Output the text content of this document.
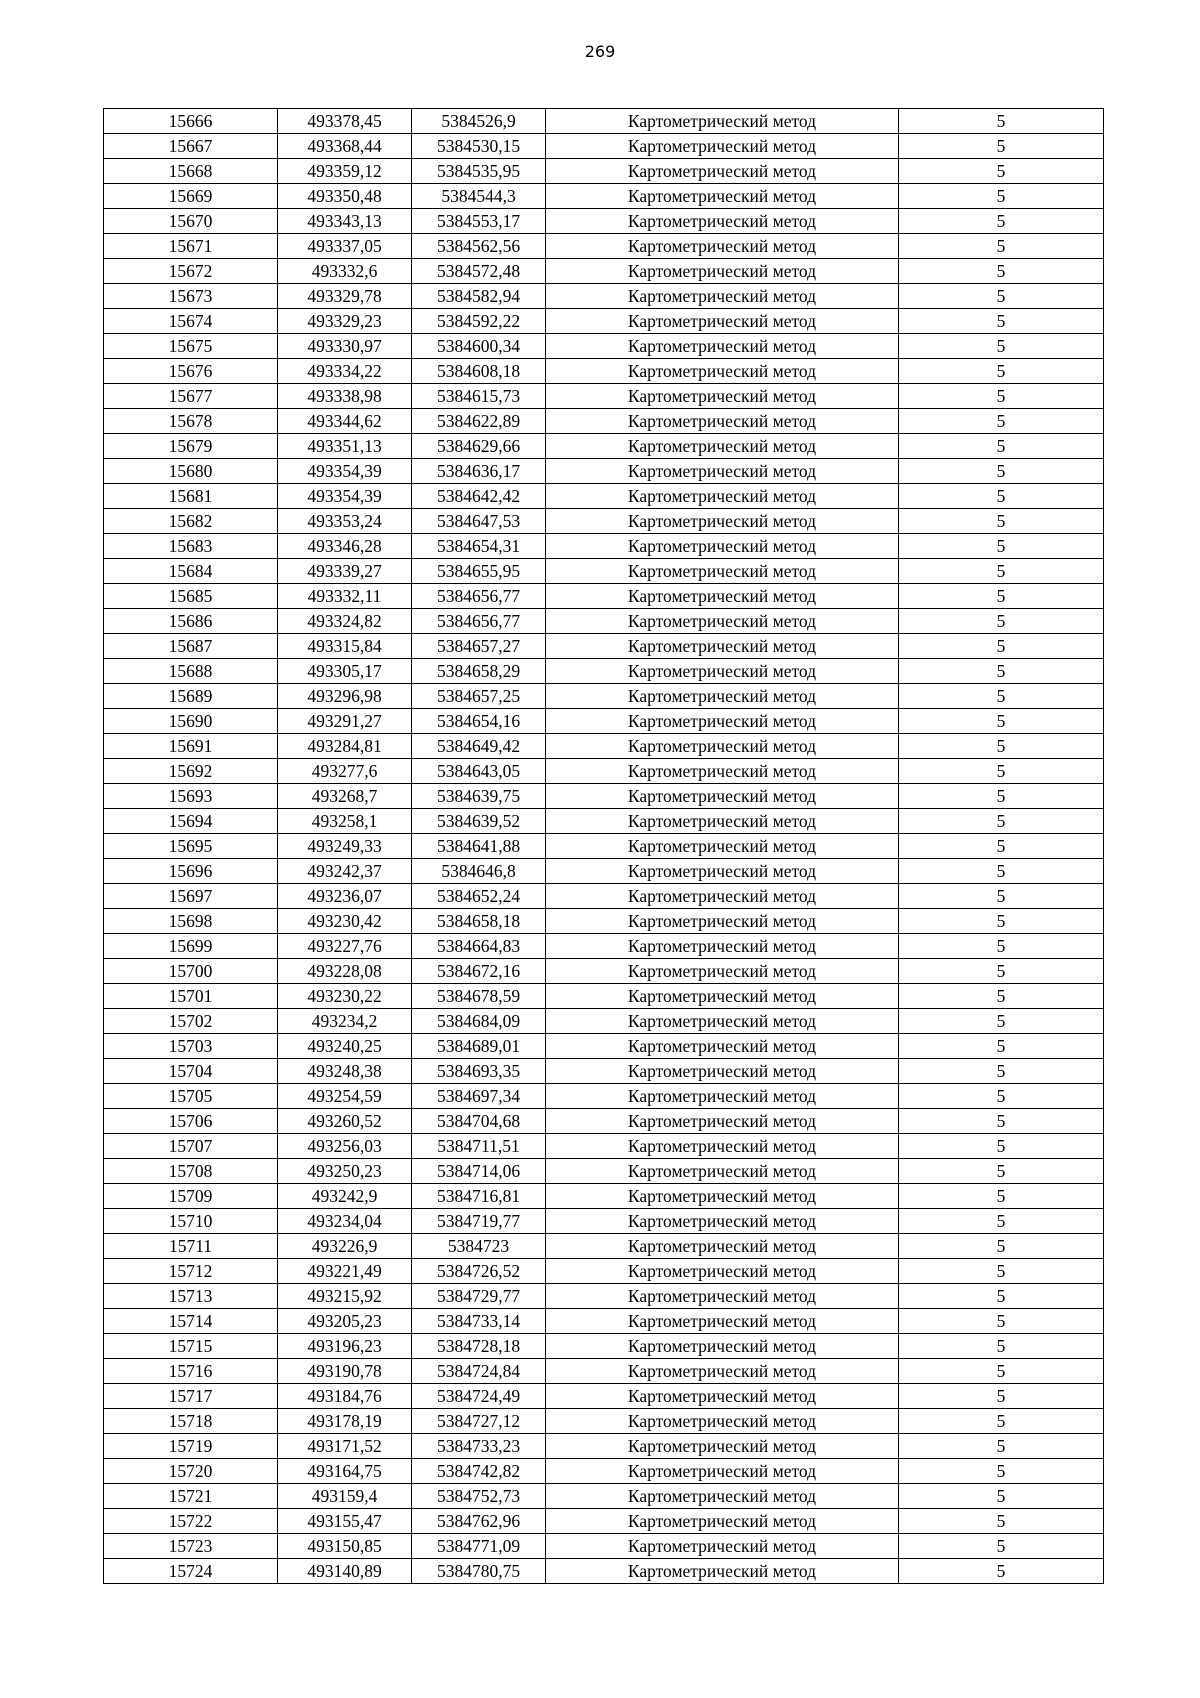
269
15666	493378,45	5384526,9	Картометрический метод	5
15667	493368,44	5384530,15	Картометрический метод	5
15668	493359,12	5384535,95	Картометрический метод	5
15669	493350,48	5384544,3	Картометрический метод	5
15670	493343,13	5384553,17	Картометрический метод	5
15671	493337,05	5384562,56	Картометрический метод	5
15672	493332,6	5384572,48	Картометрический метод	5
15673	493329,78	5384582,94	Картометрический метод	5
15674	493329,23	5384592,22	Картометрический метод	5
15675	493330,97	5384600,34	Картометрический метод	5
15676	493334,22	5384608,18	Картометрический метод	5
15677	493338,98	5384615,73	Картометрический метод	5
15678	493344,62	5384622,89	Картометрический метод	5
15679	493351,13	5384629,66	Картометрический метод	5
15680	493354,39	5384636,17	Картометрический метод	5
15681	493354,39	5384642,42	Картометрический метод	5
15682	493353,24	5384647,53	Картометрический метод	5
15683	493346,28	5384654,31	Картометрический метод	5
15684	493339,27	5384655,95	Картометрический метод	5
15685	493332,11	5384656,77	Картометрический метод	5
15686	493324,82	5384656,77	Картометрический метод	5
15687	493315,84	5384657,27	Картометрический метод	5
15688	493305,17	5384658,29	Картометрический метод	5
15689	493296,98	5384657,25	Картометрический метод	5
15690	493291,27	5384654,16	Картометрический метод	5
15691	493284,81	5384649,42	Картометрический метод	5
15692	493277,6	5384643,05	Картометрический метод	5
15693	493268,7	5384639,75	Картометрический метод	5
15694	493258,1	5384639,52	Картометрический метод	5
15695	493249,33	5384641,88	Картометрический метод	5
15696	493242,37	5384646,8	Картометрический метод	5
15697	493236,07	5384652,24	Картометрический метод	5
15698	493230,42	5384658,18	Картометрический метод	5
15699	493227,76	5384664,83	Картометрический метод	5
15700	493228,08	5384672,16	Картометрический метод	5
15701	493230,22	5384678,59	Картометрический метод	5
15702	493234,2	5384684,09	Картометрический метод	5
15703	493240,25	5384689,01	Картометрический метод	5
15704	493248,38	5384693,35	Картометрический метод	5
15705	493254,59	5384697,34	Картометрический метод	5
15706	493260,52	5384704,68	Картометрический метод	5
15707	493256,03	5384711,51	Картометрический метод	5
15708	493250,23	5384714,06	Картометрический метод	5
15709	493242,9	5384716,81	Картометрический метод	5
15710	493234,04	5384719,77	Картометрический метод	5
15711	493226,9	5384723	Картометрический метод	5
15712	493221,49	5384726,52	Картометрический метод	5
15713	493215,92	5384729,77	Картометрический метод	5
15714	493205,23	5384733,14	Картометрический метод	5
15715	493196,23	5384728,18	Картометрический метод	5
15716	493190,78	5384724,84	Картометрический метод	5
15717	493184,76	5384724,49	Картометрический метод	5
15718	493178,19	5384727,12	Картометрический метод	5
15719	493171,52	5384733,23	Картометрический метод	5
15720	493164,75	5384742,82	Картометрический метод	5
15721	493159,4	5384752,73	Картометрический метод	5
15722	493155,47	5384762,96	Картометрический метод	5
15723	493150,85	5384771,09	Картометрический метод	5
15724	493140,89	5384780,75	Картометрический метод	5
